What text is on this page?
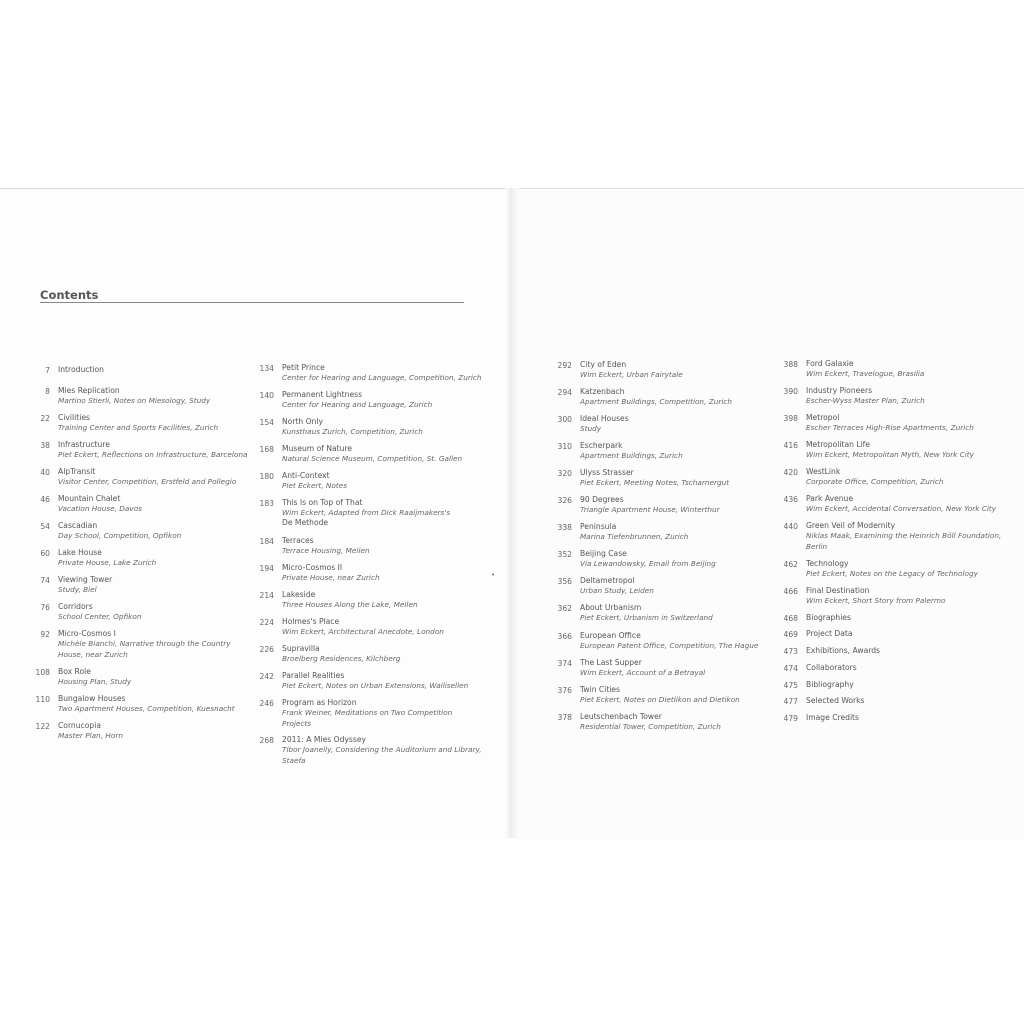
Contents
•
7 Introduction
8 Mies Replication
Martino Stierli, Notes on Miesology, Study
22 Civilities
Training Center and Sports Facilities, Zurich
38 Infrastructure
Piet Eckert, Reflections on Infrastructure, Barcelona
40 AlpTransit
Visitor Center, Competition, Erstfeld and Pollegio
46 Mountain Chalet
Vacation House, Davos
54 Cascadian
Day School, Competition, Opfikon
60 Lake House
Private House, Lake Zurich
74 Viewing Tower
Study, Biel
76 Corridors
School Center, Opfikon
92 Micro-Cosmos I
Michèle Bianchi, Narrative through the Country House, near Zurich
108 Box Role
Housing Plan, Study
110 Bungalow Houses
Two Apartment Houses, Competition, Kuesnacht
122 Cornucopia
Master Plan, Horn
134 Petit Prince
Center for Hearing and Language, Competition, Zurich
140 Permanent Lightness
Center for Hearing and Language, Zurich
154 North Only
Kunsthaus Zurich, Competition, Zurich
168 Museum of Nature
Natural Science Museum, Competition, St. Gallen
180 Anti-Context
Piet Eckert, Notes
183 This Is on Top of That
Wim Eckert, Adapted from Dick Raaijmakers's
De Methode
184 Terraces
Terrace Housing, Meilen
194 Micro-Cosmos II
Private House, near Zurich
214 Lakeside
Three Houses Along the Lake, Meilen
224 Holmes's Place
Wim Eckert, Architectural Anecdote, London
226 Supravilla
Broelberg Residences, Kilchberg
242 Parallel Realities
Piet Eckert, Notes on Urban Extensions, Wallisellen
246 Program as Horizon
Frank Weiner, Meditations on Two Competition Projects
268 2011: A Mies Odyssey
Tibor Joanelly, Considering the Auditorium and Library, Staefa
292 City of Eden
Wim Eckert, Urban Fairytale
294 Katzenbach
Apartment Buildings, Competition, Zurich
300 Ideal Houses
Study
310 Escherpark
Apartment Buildings, Zurich
320 Ulyss Strasser
Piet Eckert, Meeting Notes, Tscharnergut
326 90 Degrees
Triangle Apartment House, Winterthur
338 Peninsula
Marina Tiefenbrunnen, Zurich
352 Beijing Case
Via Lewandowsky, Email from Beijing
356 Deltametropol
Urban Study, Leiden
362 About Urbanism
Piet Eckert, Urbanism in Switzerland
366 European Office
European Patent Office, Competition, The Hague
374 The Last Supper
Wim Eckert, Account of a Betrayal
376 Twin Cities
Piet Eckert, Notes on Dietlikon and Dietikon
378 Leutschenbach Tower
Residential Tower, Competition, Zurich
388 Ford Galaxie
Wim Eckert, Travelogue, Brasilia
390 Industry Pioneers
Escher-Wyss Master Plan, Zurich
398 Metropol
Escher Terraces High-Rise Apartments, Zurich
416 Metropolitan Life
Wim Eckert, Metropolitan Myth, New York City
420 WestLink
Corporate Office, Competition, Zurich
436 Park Avenue
Wim Eckert, Accidental Conversation, New York City
440 Green Veil of Modernity
Niklas Maak, Examining the Heinrich Böll Foundation, Berlin
462 Technology
Piet Eckert, Notes on the Legacy of Technology
466 Final Destination
Wim Eckert, Short Story from Palermo
468 Biographies
469 Project Data
473 Exhibitions, Awards
474 Collaborators
475 Bibliography
477 Selected Works
479 Image Credits
